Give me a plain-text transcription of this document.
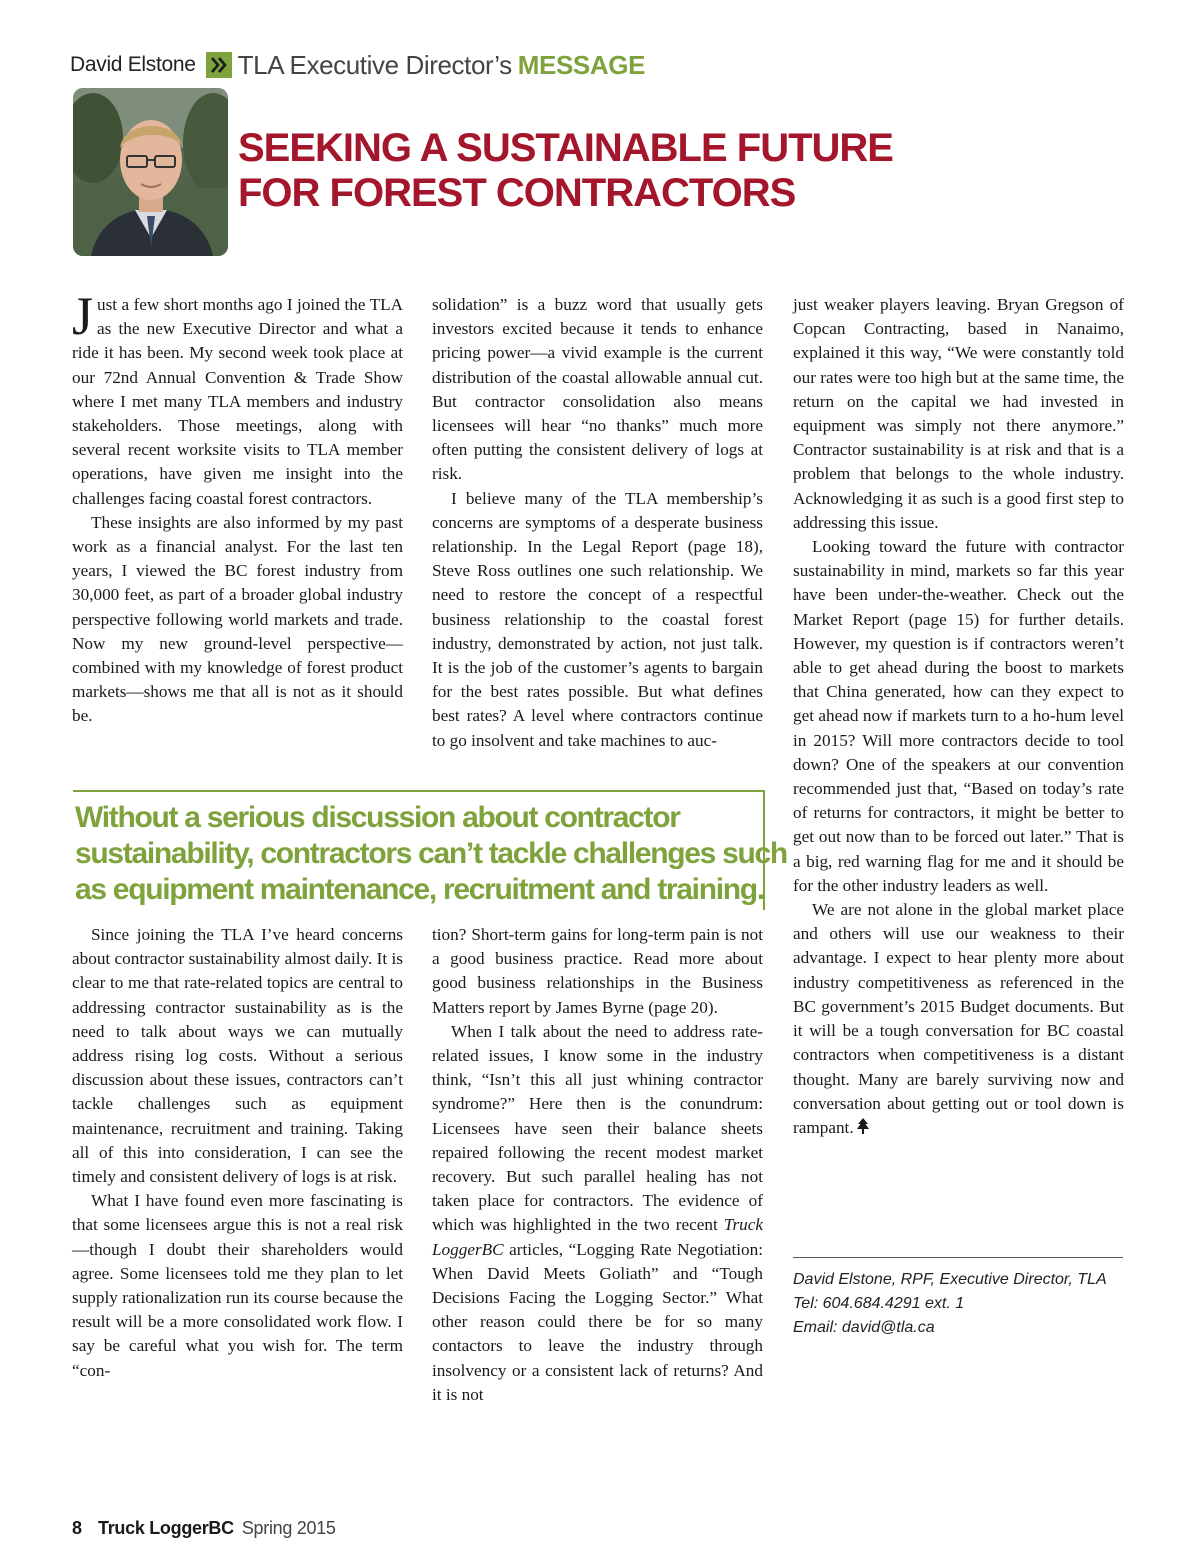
David Elstone TLA Executive Director’s MESSAGE
SEEKING A SUSTAINABLE FUTURE
FOR FOREST CONTRACTORS

Just a few short months ago I joined the TLA as the new Executive Director and what a ride it has been. My second week took place at our 72nd Annual Convention & Trade Show where I met many TLA members and industry stakeholders. Those meetings, along with several recent worksite visits to TLA member operations, have given me insight into the challenges facing coastal forest contractors.

These insights are also informed by my past work as a financial analyst. For the last ten years, I viewed the BC forest industry from 30,000 feet, as part of a broader global industry perspective following world markets and trade. Now my new ground-level perspective—combined with my knowledge of forest product markets—shows me that all is not as it should be.

solidation” is a buzz word that usually gets investors excited because it tends to enhance pricing power—a vivid example is the current distribution of the coastal allowable annual cut. But contractor consolidation also means licensees will hear “no thanks” much more often putting the consistent delivery of logs at risk.

I believe many of the TLA membership’s concerns are symptoms of a desperate business relationship. In the Legal Report (page 18), Steve Ross outlines one such relationship. We need to restore the concept of a respectful business relationship to the coastal forest industry, demonstrated by action, not just talk. It is the job of the customer’s agents to bargain for the best rates possible. But what defines best rates? A level where contractors continue to go insolvent and take machines to auc-

just weaker players leaving. Bryan Gregson of Copcan Contracting, based in Nanaimo, explained it this way, “We were constantly told our rates were too high but at the same time, the return on the capital we had invested in equipment was simply not there anymore.” Contractor sustainability is at risk and that is a problem that belongs to the whole industry. Acknowledging it as such is a good first step to addressing this issue.

Looking toward the future with contractor sustainability in mind, markets so far this year have been under-the-weather. Check out the Market Report (page 15) for further details. However, my question is if contractors weren’t able to get ahead during the boost to markets that China generated, how can they expect to get ahead now if markets turn to a ho-hum level in 2015? Will more contractors decide to tool down? One of the speakers at our convention recommended just that, “Based on today’s rate of returns for contractors, it might be better to get out now than to be forced out later.” That is a big, red warning flag for me and it should be for the other industry leaders as well.

We are not alone in the global market place and others will use our weakness to their advantage. I expect to hear plenty more about industry competitiveness as referenced in the BC government’s 2015 Budget documents. But it will be a tough conversation for BC coastal contractors when competitiveness is a distant thought. Many are barely surviving now and conversation about getting out or tool down is rampant.

Without a serious discussion about contractor
sustainability, contractors can’t tackle challenges such
as equipment maintenance, recruitment and training.

Since joining the TLA I’ve heard concerns about contractor sustainability almost daily. It is clear to me that rate-related topics are central to addressing contractor sustainability as is the need to talk about ways we can mutually address rising log costs. Without a serious discussion about these issues, contractors can’t tackle challenges such as equipment maintenance, recruitment and training. Taking all of this into consideration, I can see the timely and consistent delivery of logs is at risk.

What I have found even more fascinating is that some licensees argue this is not a real risk—though I doubt their shareholders would agree. Some licensees told me they plan to let supply rationalization run its course because the result will be a more consolidated work flow. I say be careful what you wish for. The term “con-

tion? Short-term gains for long-term pain is not a good business practice. Read more about good business relationships in the Business Matters report by James Byrne (page 20).

When I talk about the need to address rate-related issues, I know some in the industry think, “Isn’t this all just whining contractor syndrome?” Here then is the conundrum: Licensees have seen their balance sheets repaired following the recent modest market recovery. But such parallel healing has not taken place for contractors. The evidence of which was highlighted in the two recent Truck LoggerBC articles, “Logging Rate Negotiation: When David Meets Goliath” and “Tough Decisions Facing the Logging Sector.” What other reason could there be for so many contactors to leave the industry through insolvency or a consistent lack of returns? And it is not

David Elstone, RPF, Executive Director, TLA
Tel: 604.684.4291 ext. 1
Email: david@tla.ca
8 Truck LoggerBC Spring 2015
